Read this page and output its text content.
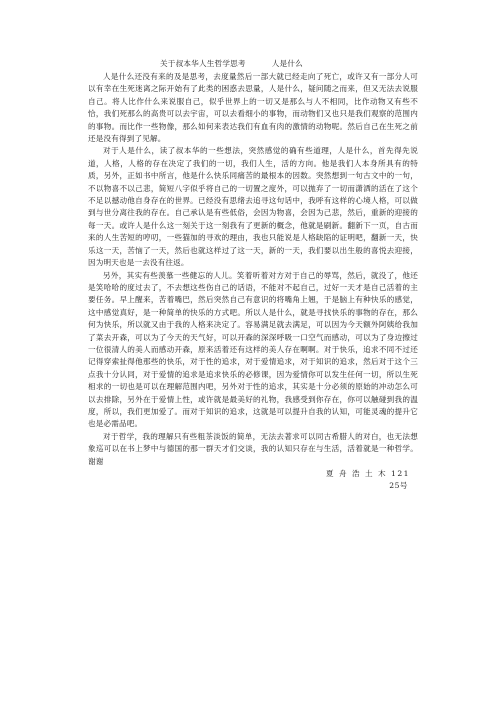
关于叔本华人生哲学思考	人是什么

人是什么还没有来的及是思考，去度量然后一部大就已经走向了死亡，或许又有一部分人可以有幸在生死迷离之际开始有了此类的困惑去思量，人是什么，疑问随之而来，但又无法去说服自己。将人比作什么来说服自己，似乎世界上的一切又是那么与人不相同，比作动物又有些不恰，我们死那么的高贵可以去宇宙，可以去看细小的事物，而动物们又也只是我们观察的范围内的事物。而比作一些物像，那么如何来表达我们有血有肉的激情的动物呢。然后自己在生死之前还是没有得到了见解。

对于人是什么，读了叔本华的一些想法，突然感觉的确有些道理，人是什么，首先得先说道，人格，人格的存在决定了我们的一切，我们人生，活的方向。他是我们人本身所具有的特质，另外，正如书中所言，他是什么快乐同痛苦的最根本的因数。突然想到一句古文中的一句，不以物喜不以己悲，简短八字似乎将自己的一切置之度外，可以抛弃了一切而潇洒的活在了这个不足以撼动他自身存在的世界。已经没有思绪去追寻这句话中，我呼有这样的心境人格，可以做到与世分离往我的存在。自己承认是有些低俗，会因为物喜，会因为己悲，然后，重新的迎接的每一天。或许人是什么这一刻关于这一刻我有了更新的概念，他就是刷新。翻新下一页，自古而来的人生苦短的哼叨，一些猫加的寻欢的理由，我也只能说是人格缺陷的证明吧，翻新一天，快乐这一天，苦恼了一天，然后也就这样过了这一天，新的一天，我们要以出生般的喜悦去迎接，因为明天也是一去没有往返。

另外，其实有些羡慕一些健忘的人儿。笑着听着对方对于自己的辱骂，然后，就没了，他还是笑哈哈的度过去了，不去想这些伤自己的话语，不能对不起自己，过好一天才是自己活着的主要任务。早上醒来，苦着嘴巴，然后突然自己有意识的将嘴角上翘，于是脑上有种快乐的感觉，这中感觉真好，是一种简单的快乐的方式吧。所以人是什么，就是寻找快乐的事物的存在，那么何为快乐，所以就又由于我的人格来决定了。容易满足就去满足，可以因为今天额外阿姨给我加了菜去开森，可以为了今天的天气好，可以开森的深深呼吸一口空气而感动，可以为了身边擦过一位很清人的美人而感动开森，原来活着还有这样的美人存在啊啊。对于快乐，追求不同不过还记得穿索扯得他那些的快乐，对于性的追求，对于爱情追求，对于知识的追求，然后对于这个三点我十分认同，对于爱情的追求是追求快乐的必修课，因为爱情你可以发生任何一切，所以生死相求的一切也是可以在理解范围内吧，另外对于性的追求，其实是十分必须的原始的冲动怎么可以去排除，另外在于爱情上性，或许就是最美好的礼物，我感受到你存在，你可以触碰到我的温度，所以，我们更加爱了。而对于知识的追求，这就是可以提升自我的认知，可能灵魂的提升它也是必需品吧。

对于哲学，我的理解只有些粗茶淡饭的简单，无法去著求可以同古希腊人的对白，也无法想象巡可以在书上梦中与德国的那一群天才们交谈，我的认知只存在与生活，活着就是一种哲学。谢谢

夏 舟 浩 土 木 121
25号
